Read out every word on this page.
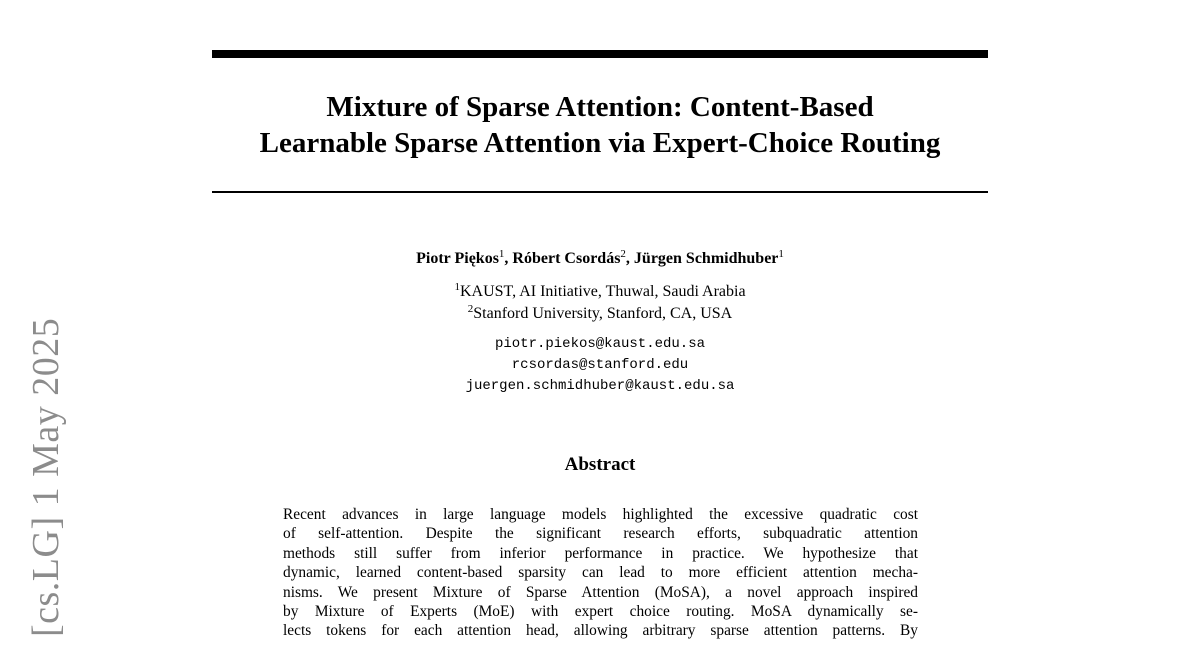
[cs.LG] 1 May 2025
Mixture of Sparse Attention: Content-Based
Learnable Sparse Attention via Expert-Choice Routing
Piotr Piękos$^1$, Róbert Csordás$^2$, Jürgen Schmidhuber$^1$
$^1$KAUST, AI Initiative, Thuwal, Saudi Arabia
$^2$Stanford University, Stanford, CA, USA
piotr.piekos@kaust.edu.sa
rcsordas@stanford.edu
juergen.schmidhuber@kaust.edu.sa
Abstract
Recent advances in large language models highlighted the excessive quadratic cost
of self-attention. Despite the significant research efforts, subquadratic attention
methods still suffer from inferior performance in practice. We hypothesize that
dynamic, learned content-based sparsity can lead to more efficient attention mecha-
nisms. We present Mixture of Sparse Attention (MoSA), a novel approach inspired
by Mixture of Experts (MoE) with expert choice routing. MoSA dynamically se-
lects tokens for each attention head, allowing arbitrary sparse attention patterns. By
